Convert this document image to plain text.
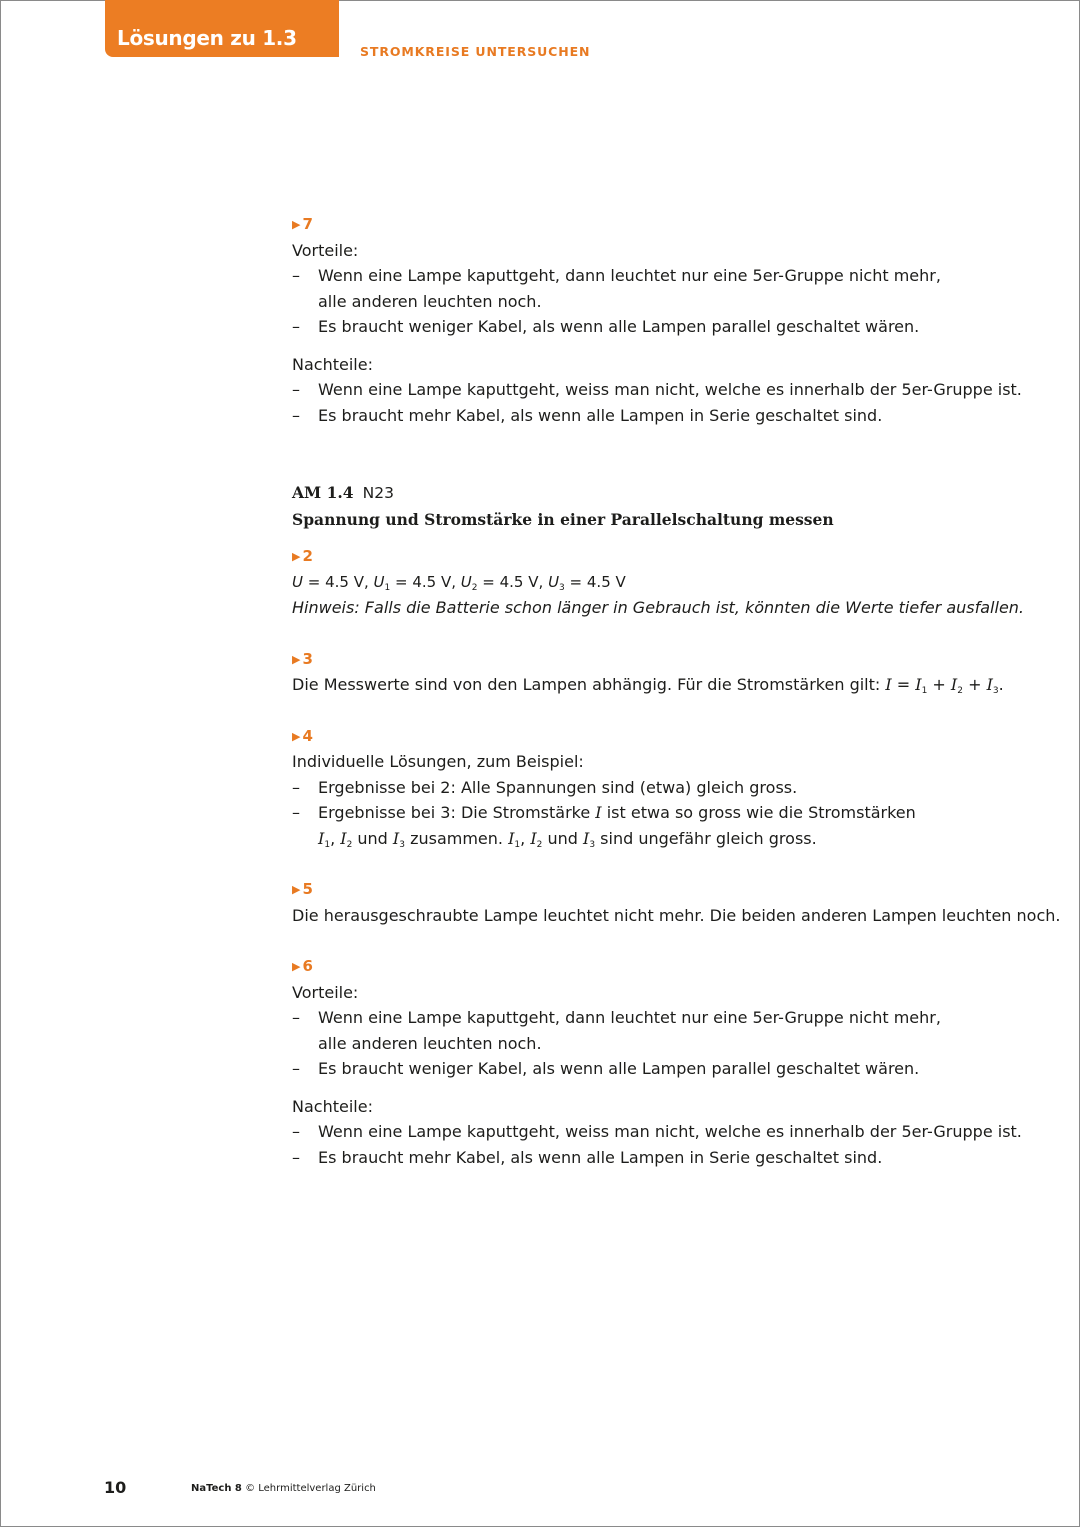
Lösungen zu 1.3
STROMKREISE UNTERSUCHEN
▶ 7
Vorteile:
– Wenn eine Lampe kaputtgeht, dann leuchtet nur eine 5er-Gruppe nicht mehr,
alle anderen leuchten noch.
– Es braucht weniger Kabel, als wenn alle Lampen parallel geschaltet wären.
Nachteile:
– Wenn eine Lampe kaputtgeht, weiss man nicht, welche es innerhalb der 5er-Gruppe ist.
– Es braucht mehr Kabel, als wenn alle Lampen in Serie geschaltet sind.
AM 1.4 N23
Spannung und Stromstärke in einer Parallelschaltung messen
▶ 2
U = 4.5 V, $U_1 = 4.5$ V, $U_2 = 4.5$ V, $U_3 = 4.5$ V
Hinweis: Falls die Batterie schon länger in Gebrauch ist, könnten die Werte tiefer ausfallen.
▶ 3
Die Messwerte sind von den Lampen abhängig. Für die Stromstärken gilt: $I = I_1 + I_2 + I_3$.
▶ 4
Individuelle Lösungen, zum Beispiel:
– Ergebnisse bei 2: Alle Spannungen sind (etwa) gleich gross.
– Ergebnisse bei 3: Die Stromstärke I ist etwa so gross wie die Stromstärken
$I_1$, $I_2$ und $I_3$ zusammen. $I_1$, $I_2$ und $I_3$ sind ungefähr gleich gross.
▶ 5
Die herausgeschraubte Lampe leuchtet nicht mehr. Die beiden anderen Lampen leuchten noch.
▶ 6
Vorteile:
– Wenn eine Lampe kaputtgeht, dann leuchtet nur eine 5er-Gruppe nicht mehr,
alle anderen leuchten noch.
– Es braucht weniger Kabel, als wenn alle Lampen parallel geschaltet wären.
Nachteile:
– Wenn eine Lampe kaputtgeht, weiss man nicht, welche es innerhalb der 5er-Gruppe ist.
– Es braucht mehr Kabel, als wenn alle Lampen in Serie geschaltet sind.
10	NaTech 8 © Lehrmittelverlag Zürich
